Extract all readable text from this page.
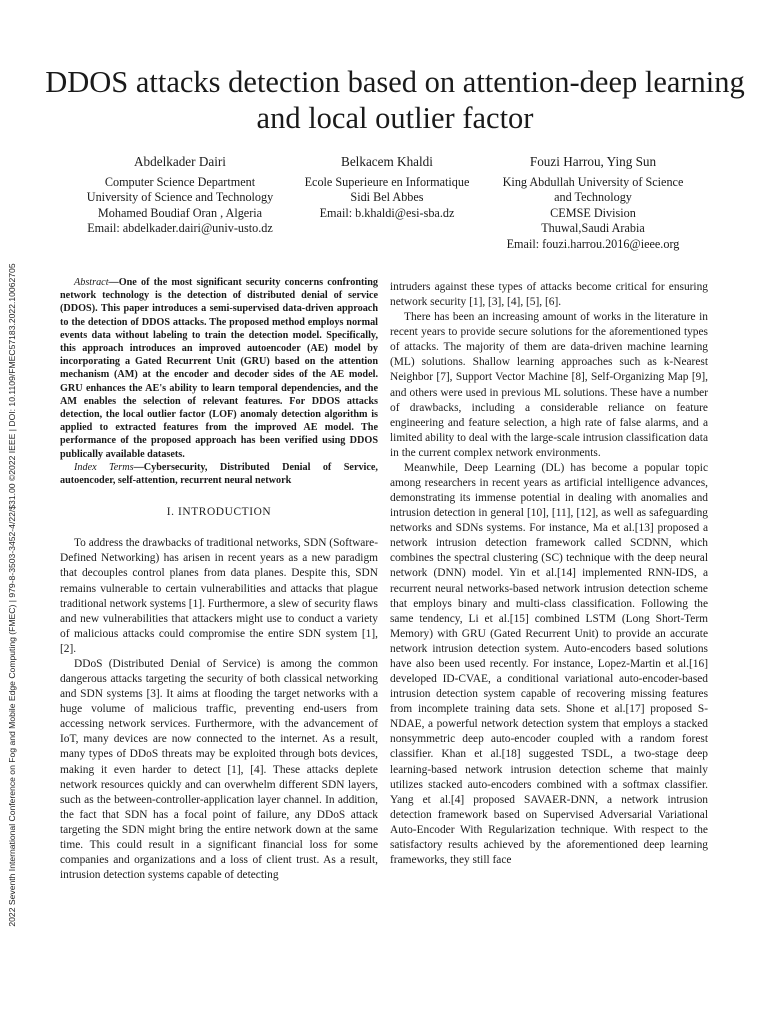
2022 Seventh International Conference on Fog and Mobile Edge Computing (FMEC) | 979-8-3503-3452-4/22/$31.00 ©2022 IEEE | DOI: 10.1109/FMEC57183.2022.10062705
DDOS attacks detection based on attention-deep learning and local outlier factor
Abdelkader Dairi
Computer Science Department
University of Science and Technology
Mohamed Boudiaf Oran , Algeria
Email: abdelkader.dairi@univ-usto.dz
Belkacem Khaldi
Ecole Superieure en Informatique
Sidi Bel Abbes
Email: b.khaldi@esi-sba.dz
Fouzi Harrou, Ying Sun
King Abdullah University of Science
and Technology
CEMSE Division
Thuwal,Saudi Arabia
Email: fouzi.harrou.2016@ieee.org

Abstract—One of the most significant security concerns confronting network technology is the detection of distributed denial of service (DDOS). This paper introduces a semi-supervised data-driven approach to the detection of DDOS attacks. The proposed method employs normal events data without labeling to train the detection model. Specifically, this approach introduces an improved autoencoder (AE) model by incorporating a Gated Recurrent Unit (GRU) based on the attention mechanism (AM) at the encoder and decoder sides of the AE model. GRU enhances the AE's ability to learn temporal dependencies, and the AM enables the selection of relevant features. For DDOS attacks detection, the local outlier factor (LOF) anomaly detection algorithm is applied to extracted features from the improved AE model. The performance of the proposed approach has been verified using DDOS publically available datasets.

Index Terms—Cybersecurity, Distributed Denial of Service, autoencoder, self-attention, recurrent neural network

I. INTRODUCTION

To address the drawbacks of traditional networks, SDN (Software-Defined Networking) has arisen in recent years as a new paradigm that decouples control planes from data planes. Despite this, SDN remains vulnerable to certain vulnerabilities and attacks that plague traditional network systems [1]. Furthermore, a slew of security flaws and new vulnerabilities that attackers might use to conduct a variety of malicious attacks could compromise the entire SDN system [1], [2].

DDoS (Distributed Denial of Service) is among the common dangerous attacks targeting the security of both classical networking and SDN systems [3]. It aims at flooding the target networks with a huge volume of malicious traffic, preventing end-users from accessing network services. Furthermore, with the advancement of IoT, many devices are now connected to the internet. As a result, many types of DDoS threats may be exploited through bots devices, making it even harder to detect [1], [4]. These attacks deplete network resources quickly and can overwhelm different SDN layers, such as the between-controller-application layer channel. In addition, the fact that SDN has a focal point of failure, any DDoS attack targeting the SDN might bring the entire network down at the same time. This could result in a significant financial loss for some companies and organizations and a loss of client trust. As a result, intrusion detection systems capable of detecting

intruders against these types of attacks become critical for ensuring network security [1], [3], [4], [5], [6].

There has been an increasing amount of works in the literature in recent years to provide secure solutions for the aforementioned types of attacks. The majority of them are data-driven machine learning (ML) solutions. Shallow learning approaches such as k-Nearest Neighbor [7], Support Vector Machine [8], Self-Organizing Map [9], and others were used in previous ML solutions. These have a number of drawbacks, including a considerable reliance on feature engineering and feature selection, a high rate of false alarms, and a limited ability to deal with the large-scale intrusion classification data in the current complex network environments.

Meanwhile, Deep Learning (DL) has become a popular topic among researchers in recent years as artificial intelligence advances, demonstrating its immense potential in dealing with anomalies and intrusion detection in general [10], [11], [12], as well as safeguarding networks and SDNs systems. For instance, Ma et al.[13] proposed a network intrusion detection framework called SCDNN, which combines the spectral clustering (SC) technique with the deep neural network (DNN) model. Yin et al.[14] implemented RNN-IDS, a recurrent neural networks-based network intrusion detection scheme that employs binary and multi-class classification. Following the same tendency, Li et al.[15] combined LSTM (Long Short-Term Memory) with GRU (Gated Recurrent Unit) to provide an accurate network intrusion detection system. Auto-encoders based solutions have also been used recently. For instance, Lopez-Martin et al.[16] developed ID-CVAE, a conditional variational auto-encoder-based intrusion detection system capable of recovering missing features from incomplete training data sets. Shone et al.[17] proposed S-NDAE, a powerful network detection system that employs a stacked nonsymmetric deep auto-encoder coupled with a random forest classifier. Khan et al.[18] suggested TSDL, a two-stage deep learning-based network intrusion detection scheme that mainly utilizes stacked auto-encoders combined with a softmax classifier. Yang et al.[4] proposed SAVAER-DNN, a network intrusion detection framework based on Supervised Adversarial Variational Auto-Encoder With Regularization technique. With respect to the satisfactory results achieved by the aforementioned deep learning frameworks, they still face
